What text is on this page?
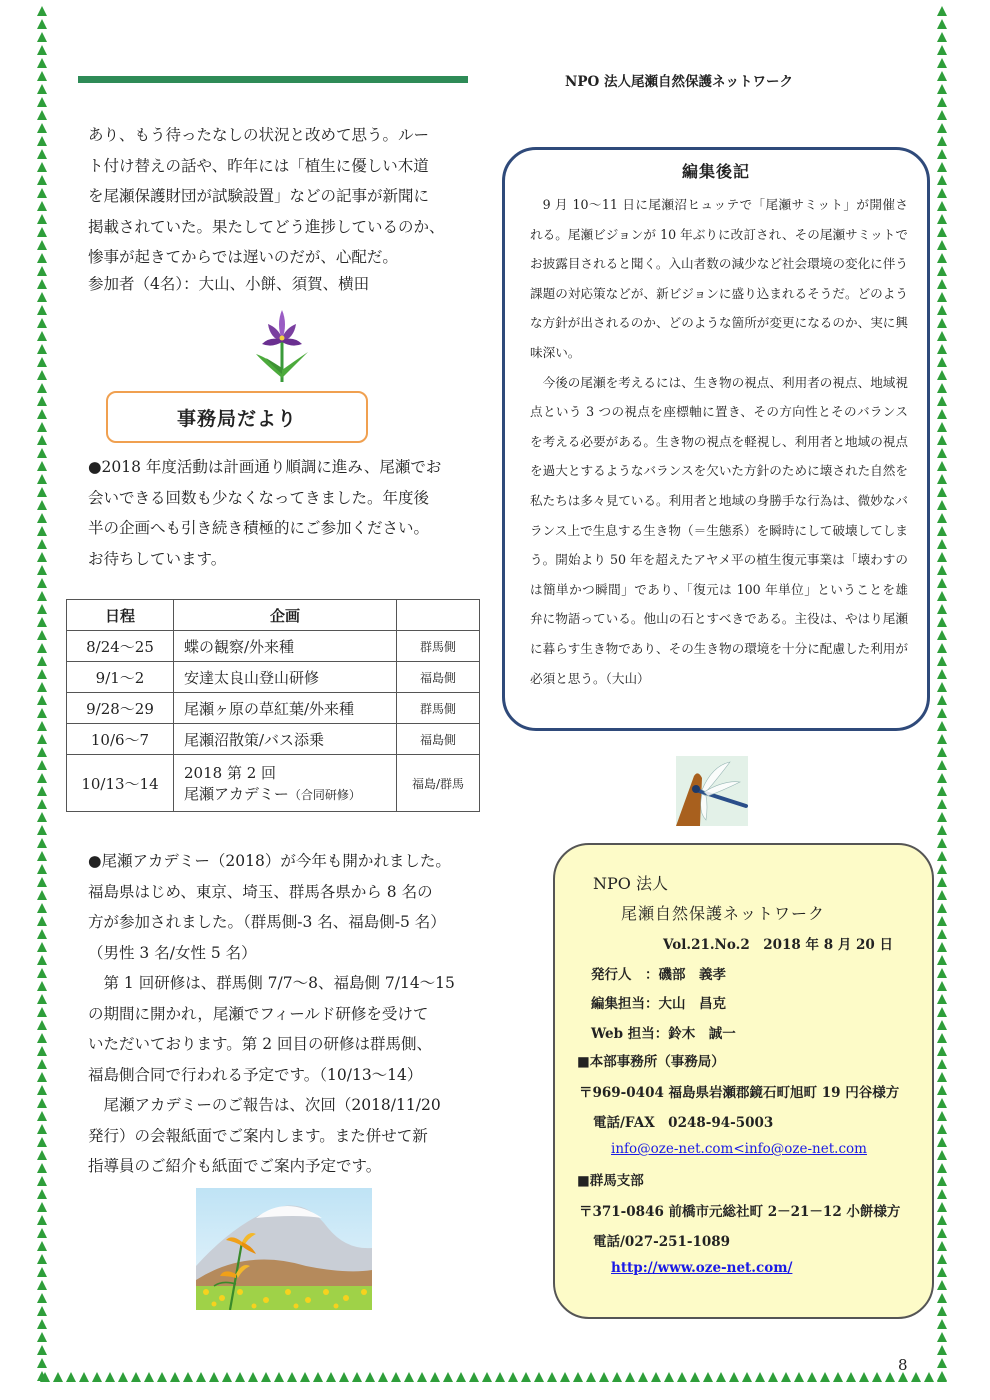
NPO 法人尾瀬自然保護ネットワーク

あり、もう待ったなしの状況と改めて思う。ルー

ト付け替えの話や、昨年には「植生に優しい木道

を尾瀬保護財団が試験設置」などの記事が新聞に

掲載されていた。果たしてどう進捗しているのか、

惨事が起きてからでは遅いのだが、心配だ。

参加者（4名）：大山、小餅、須賀、横田
事務局だより

●2018 年度活動は計画通り順調に進み、尾瀬でお

会いできる回数も少なくなってきました。年度後

半の企画へも引き続き積極的にご参加ください。

お待ちしています。

日程	企画	
8/24～25	蝶の観察/外来種	群馬側
9/1～2	安達太良山登山研修	福島側
9/28～29	尾瀬ヶ原の草紅葉/外来種	群馬側
10/6～7	尾瀬沼散策/バス添乗	福島側
10/13～14	2018 第 2 回
尾瀬アカデミー（合同研修）	福島/群馬

●尾瀬アカデミー（2018）が今年も開かれました。

福島県はじめ、東京、埼玉、群馬各県から 8 名の

方が参加されました。（群馬側-3 名、福島側-5 名）

（男性 3 名/女性 5 名）

第 1 回研修は、群馬側 7/7～8、福島側 7/14～15

の期間に開かれ，尾瀬でフィールド研修を受けて

いただいております。第 2 回目の研修は群馬側、

福島側合同で行われる予定です。（10/13～14）

尾瀬アカデミーのご報告は、次回（2018/11/20

発行）の会報紙面でご案内します。また併せて新

指導員のご紹介も紙面でご案内予定です。

編集後記

9 月 10～11 日に尾瀬沼ヒュッテで「尾瀬サミット」が開催される。尾瀬ビジョンが 10 年ぶりに改訂され、その尾瀬サミットでお披露目されると聞く。入山者数の減少など社会環境の変化に伴う課題の対応策などが、新ビジョンに盛り込まれるそうだ。どのような方針が出されるのか、どのような箇所が変更になるのか、実に興味深い。

今後の尾瀬を考えるには、生き物の視点、利用者の視点、地域視点という 3 つの視点を座標軸に置き、その方向性とそのバランスを考える必要がある。生き物の視点を軽視し、利用者と地域の視点を過大とするようなバランスを欠いた方針のために壊された自然を私たちは多々見ている。利用者と地域の身勝手な行為は、微妙なバランス上で生息する生き物（＝生態系）を瞬時にして破壊してしまう。開始より 50 年を超えたアヤメ平の植生復元事業は「壊わすのは簡単かつ瞬間」であり、「復元は 100 年単位」ということを雄弁に物語っている。他山の石とすべきである。主役は、やはり尾瀬に暮らす生き物であり、その生き物の環境を十分に配慮した利用が必須と思う。（大山）

NPO 法人
尾瀬自然保護ネットワーク
Vol.21.No.2　2018 年 8 月 20 日
発行人　：磯部　義孝
編集担当：大山　昌克
Web 担当：鈴木　誠一
■本部事務所（事務局）
〒969-0404 福島県岩瀬郡鏡石町旭町 19 円谷様方
電話/FAX　0248-94-5003
info@oze-net.com<info@oze-net.com
■群馬支部
〒371-0846 前橋市元総社町 2－21－12 小餅様方
電話/027-251-1089
http://www.oze-net.com/
8
